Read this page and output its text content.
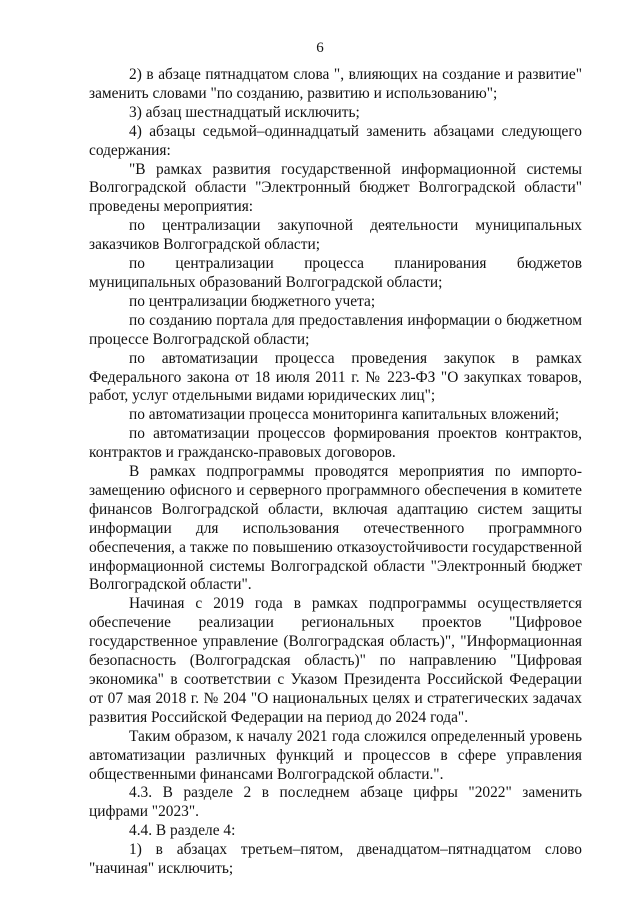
6

2) в абзаце пятнадцатом слова ", влияющих на создание и развитие" заменить словами "по созданию, развитию и использованию";

3) абзац шестнадцатый исключить;

4) абзацы седьмой–одиннадцатый заменить абзацами следующего содержания:

"В рамках развития государственной информационной системы Волгоградской области "Электронный бюджет Волгоградской области" проведены мероприятия:

по централизации закупочной деятельности муниципальных заказчиков Волгоградской области;

по централизации процесса планирования бюджетов муниципальных образований Волгоградской области;

по централизации бюджетного учета;

по созданию портала для предоставления информации о бюджетном процессе Волгоградской области;

по автоматизации процесса проведения закупок в рамках Федерального закона от 18 июля 2011 г. № 223-ФЗ "О закупках товаров, работ, услуг отдельными видами юридических лиц";

по автоматизации процесса мониторинга капитальных вложений;

по автоматизации процессов формирования проектов контрактов, контрактов и гражданско-правовых договоров.

В рамках подпрограммы проводятся мероприятия по импорто-замещению офисного и серверного программного обеспечения в комитете финансов Волгоградской области, включая адаптацию систем защиты информации для использования отечественного программного обеспечения, а также по повышению отказоустойчивости государственной информационной системы Волгоградской области "Электронный бюджет Волгоградской области".

Начиная с 2019 года в рамках подпрограммы осуществляется обеспечение реализации региональных проектов "Цифровое государственное управление (Волгоградская область)", "Информационная безопасность (Волгоградская область)" по направлению "Цифровая экономика" в соответствии с Указом Президента Российской Федерации от 07 мая 2018 г. № 204 "О национальных целях и стратегических задачах развития Российской Федерации на период до 2024 года".

Таким образом, к началу 2021 года сложился определенный уровень автоматизации различных функций и процессов в сфере управления общественными финансами Волгоградской области.".

4.3. В разделе 2 в последнем абзаце цифры "2022" заменить цифрами "2023".

4.4. В разделе 4:

1) в абзацах третьем–пятом, двенадцатом–пятнадцатом слово "начиная" исключить;
